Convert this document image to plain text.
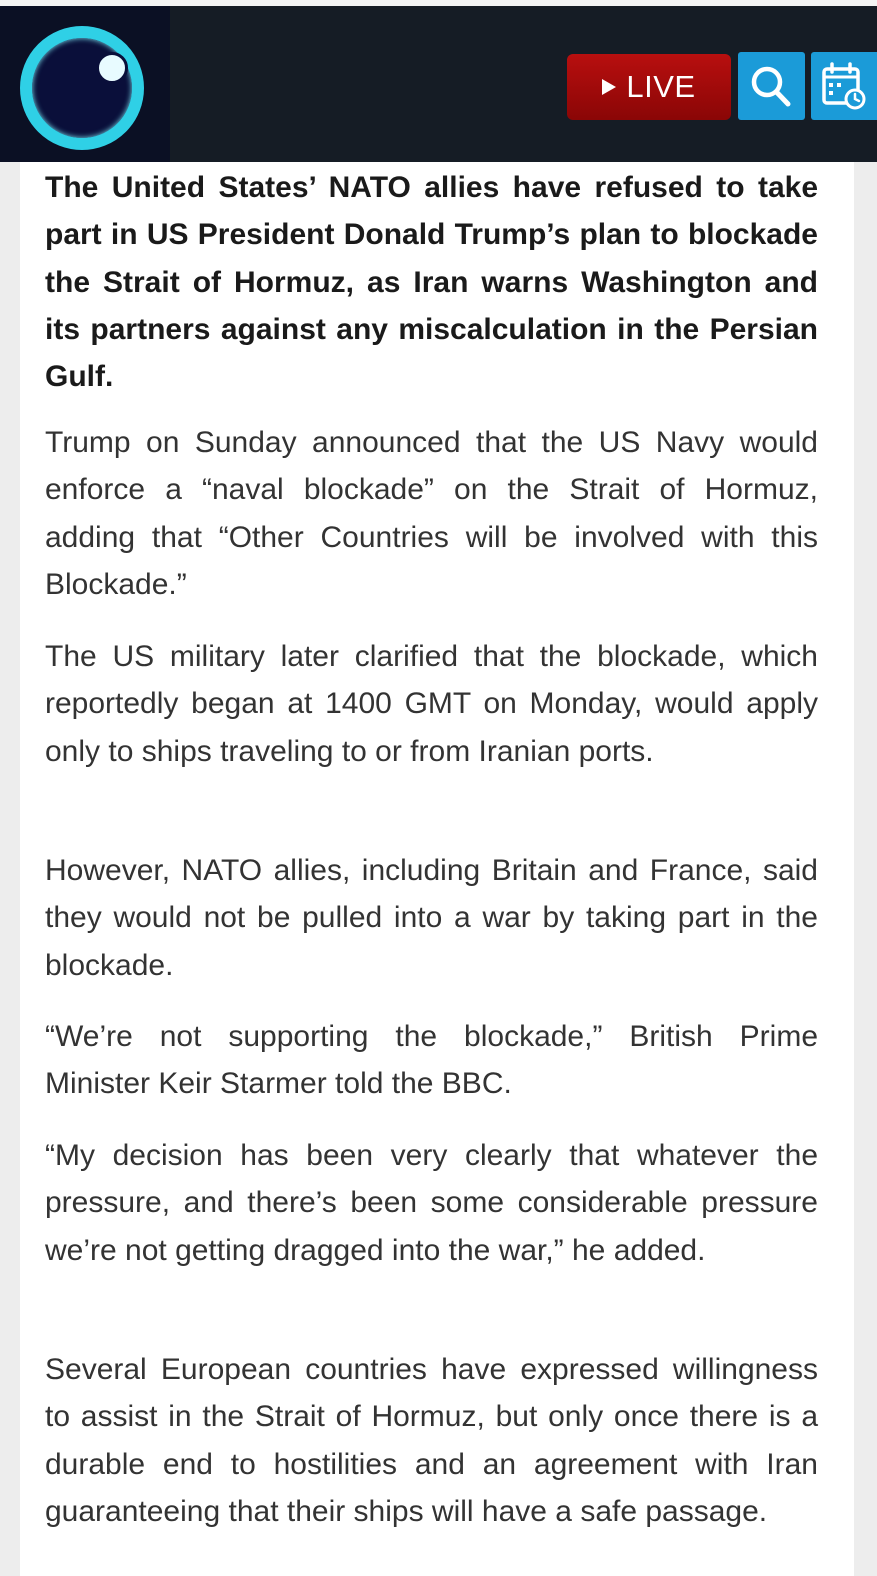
LIVE

The United States’ NATO allies have refused to take part in US President Donald Trump’s plan to blockade the Strait of Hormuz, as Iran warns Washington and its partners against any miscalculation in the Persian Gulf.

Trump on Sunday announced that the US Navy would enforce a “naval blockade” on the Strait of Hormuz, adding that “Other Countries will be involved with this Blockade.”

The US military later clarified that the blockade, which reportedly began at 1400 GMT on Monday, would apply only to ships traveling to or from Iranian ports.

However, NATO allies, including Britain and France, said they would not be pulled into a war by taking part in the blockade.

“We’re not supporting the blockade,” British Prime Minister Keir Starmer told the BBC.

“My decision has been very clearly that whatever the pressure, and there’s been some considerable pressure we’re not getting dragged into the war,” he added.

Several European countries have expressed willingness to assist in the Strait of Hormuz, but only once there is a durable end to hostilities and an agreement with Iran guaranteeing that their ships will have a safe passage.
